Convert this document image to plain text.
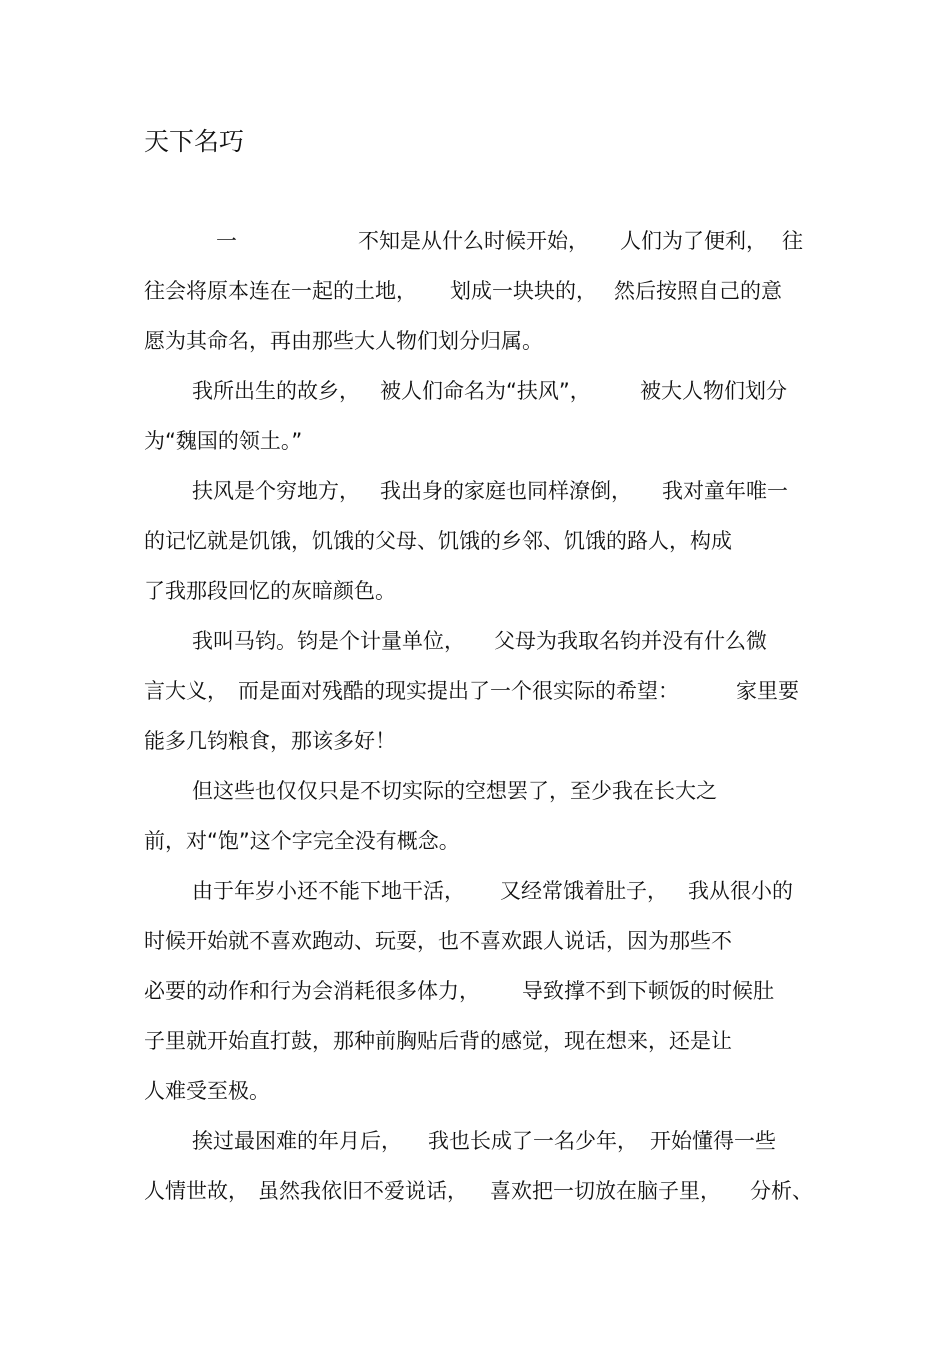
天下名巧

一

	不知是从什么时候开始，

人们为了便利，

往

往会将原本连在一起的土地，

划成一块块的，

然后按照自己的意

愿为其命名，再由那些大人物们划分归属。

我所出生的故乡，

被人们命名为“扶风”，

被大人物们划分

为“魏国的领土。”

扶风是个穷地方，

我出身的家庭也同样潦倒，

我对童年唯一

的记忆就是饥饿，饥饿的父母、饥饿的乡邻、饥饿的路人，构成

了我那段回忆的灰暗颜色。

我叫马钧。钧是个计量单位，

父母为我取名钧并没有什么微

言大义，

而是面对残酷的现实提出了一个很实际的希望：

	家里要

能多几钧粮食，那该多好！

但这些也仅仅只是不切实际的空想罢了，至少我在长大之

前，对“饱”这个字完全没有概念。

由于年岁小还不能下地干活，

又经常饿着肚子，

我从很小的

时候开始就不喜欢跑动、玩耍，也不喜欢跟人说话，因为那些不

必要的动作和行为会消耗很多体力，

导致撑不到下顿饭的时候肚

子里就开始直打鼓，那种前胸贴后背的感觉，现在想来，还是让

人难受至极。

挨过最困难的年月后，

我也长成了一名少年，

开始懂得一些

人情世故，

虽然我依旧不爱说话，

喜欢把一切放在脑子里，

分析、
